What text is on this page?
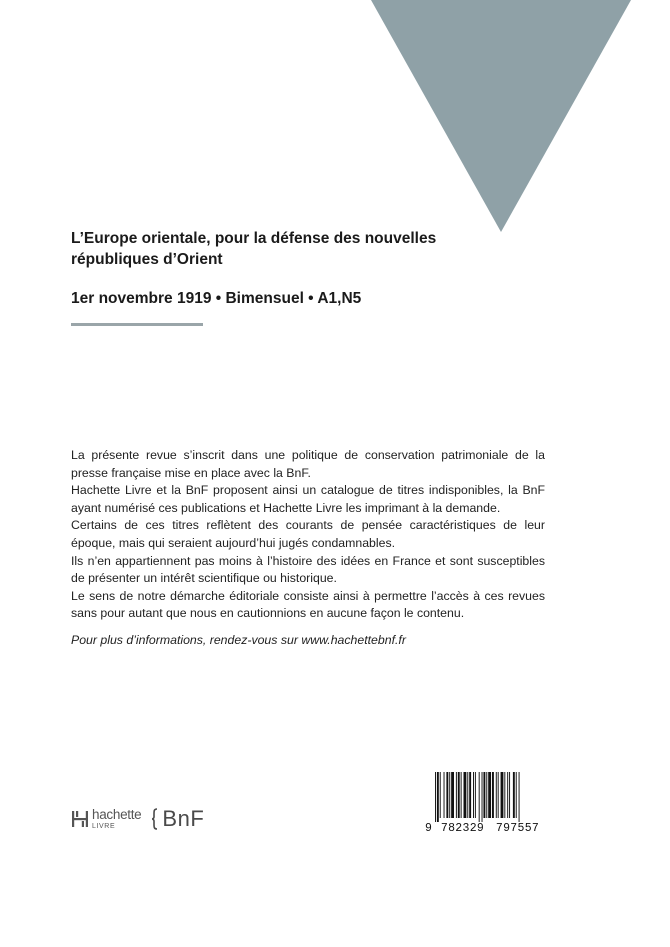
L’Europe orientale, pour la défense des nouvelles républiques d’Orient
1er novembre 1919 • Bimensuel • A1,N5

La présente revue s’inscrit dans une politique de conservation patrimoniale de la presse française mise en place avec la BnF.

Hachette Livre et la BnF proposent ainsi un catalogue de titres indisponibles, la BnF ayant numérisé ces publications et Hachette Livre les imprimant à la demande.

Certains de ces titres reflètent des courants de pensée caractéristiques de leur époque, mais qui seraient aujourd’hui jugés condamnables.

Ils n’en appartiennent pas moins à l’histoire des idées en France et sont susceptibles de présenter un intérêt scientifique ou historique.

Le sens de notre démarche éditoriale consiste ainsi à permettre l’accès à ces revues sans pour autant que nous en cautionnions en aucune façon le contenu.

Pour plus d’informations, rendez-vous sur www.hachettebnf.fr

hachette
LIVRE	BnF	9 782329	797557
